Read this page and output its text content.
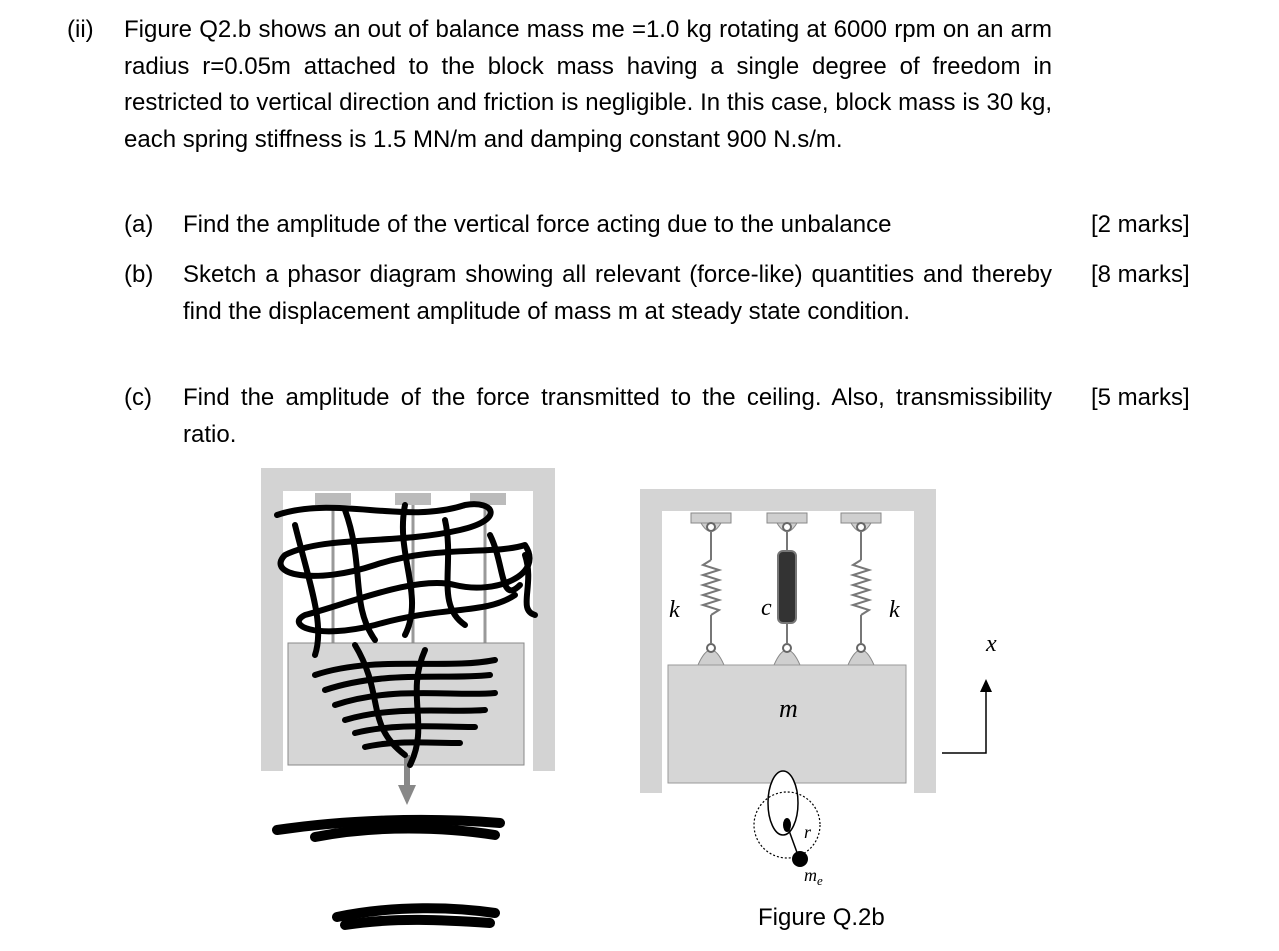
(ii) Figure Q2.b shows an out of balance mass me =1.0 kg rotating at 6000 rpm on an arm radius r=0.05m attached to the block mass having a single degree of freedom in restricted to vertical direction and friction is negligible. In this case, block mass is 30 kg, each spring stiffness is 1.5 MN/m and damping constant 900 N.s/m.
(a) Find the amplitude of the vertical force acting due to the unbalance	[2 marks]
(b) Sketch a phasor diagram showing all relevant (force-like) quantities and thereby find the displacement amplitude of mass m at steady state condition.
[8 marks]
(c) Find the amplitude of the force transmitted to the ceiling. Also, transmissibility ratio.
[5 marks]
k	c	k
m
x
r
$m_e$
Figure Q.2b
